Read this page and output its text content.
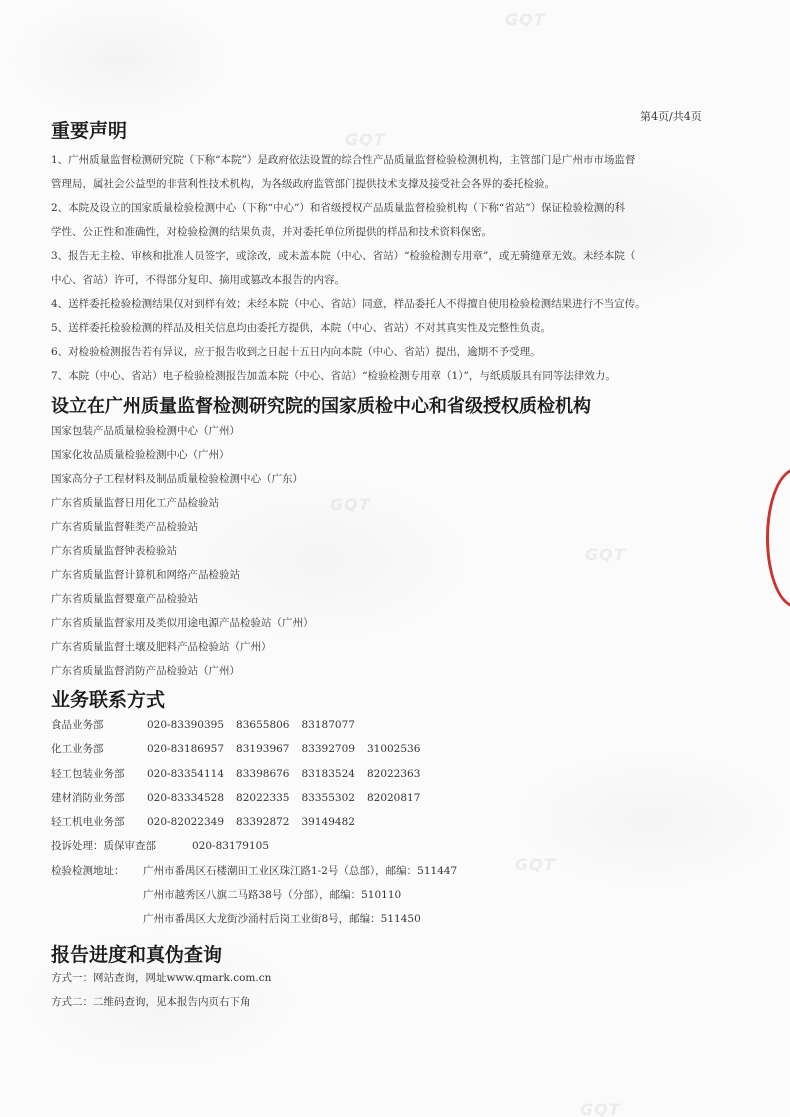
GQT
GQT
GQT
GQT
GQT
GQT
第4页/共4页
重要声明
1、广州质量监督检测研究院（下称“本院”）是政府依法设置的综合性产品质量监督检验检测机构，主管部门是广州市市场监督
管理局，属社会公益型的非营利性技术机构，为各级政府监管部门提供技术支撑及接受社会各界的委托检验。
2、本院及设立的国家质量检验检测中心（下称“中心”）和省级授权产品质量监督检验机构（下称“省站”）保证检验检测的科
学性、公正性和准确性，对检验检测的结果负责，并对委托单位所提供的样品和技术资料保密。
3、报告无主检、审核和批准人员签字，或涂改，或未盖本院（中心、省站）“检验检测专用章”，或无骑缝章无效。未经本院（
中心、省站）许可，不得部分复印、摘用或篡改本报告的内容。
4、送样委托检验检测结果仅对到样有效；未经本院（中心、省站）同意，样品委托人不得擅自使用检验检测结果进行不当宣传。
5、送样委托检验检测的样品及相关信息均由委托方提供，本院（中心、省站）不对其真实性及完整性负责。
6、对检验检测报告若有异议，应于报告收到之日起十五日内向本院（中心、省站）提出，逾期不予受理。
7、本院（中心、省站）电子检验检测报告加盖本院（中心、省站）“检验检测专用章（1）”，与纸质版具有同等法律效力。
设立在广州质量监督检测研究院的国家质检中心和省级授权质检机构
国家包装产品质量检验检测中心（广州）
国家化妆品质量检验检测中心（广州）
国家高分子工程材料及制品质量检验检测中心（广东）
广东省质量监督日用化工产品检验站
广东省质量监督鞋类产品检验站
广东省质量监督钟表检验站
广东省质量监督计算机和网络产品检验站
广东省质量监督婴童产品检验站
广东省质量监督家用及类似用途电源产品检验站（广州）
广东省质量监督土壤及肥料产品检验站（广州）
广东省质量监督消防产品检验站（广州）
业务联系方式
食品业务部	020-83390395 83655806 83187077
化工业务部	020-83186957 83193967 83392709 31002536
轻工包装业务部	020-83354114 83398676 83183524 82022363
建材消防业务部	020-83334528 82022335 83355302 82020817
轻工机电业务部	020-82022349 83392872 39149482
投诉处理：质保审查部	020-83179105
检验检测地址：	广州市番禺区石楼潮田工业区珠江路1-2号（总部），邮编：511447
广州市越秀区八旗二马路38号（分部），邮编：510110
广州市番禺区大龙街沙涌村后岗工业街8号，邮编：511450
报告进度和真伪查询
方式一：网站查询，网址www.qmark.com.cn
方式二：二维码查询，见本报告内页右下角
